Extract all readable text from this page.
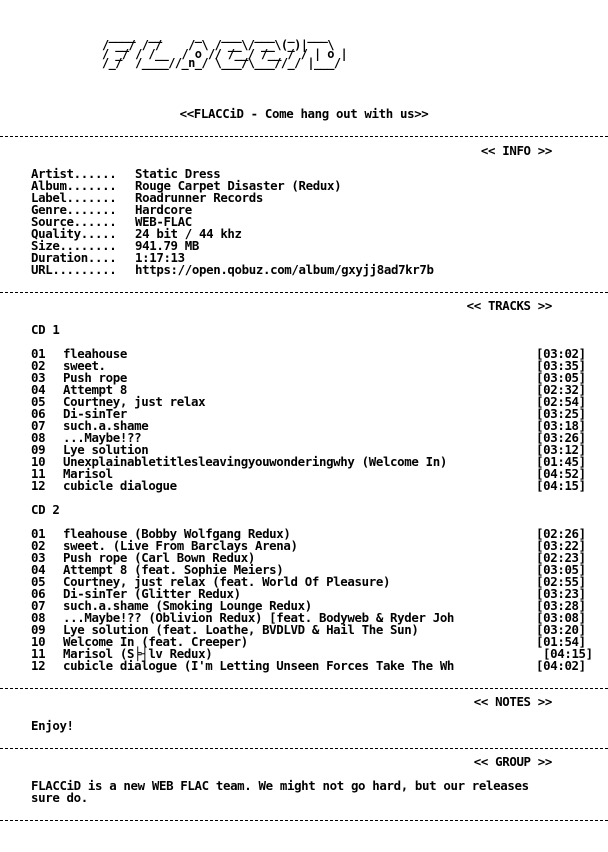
____  __     _   ___  ___  _  ___
/ __/ / /    / \ / __\/ __\(_)|   \
/ _/ / /__  / o // /__/ /__ / / | o |
/_/  /____//_n_/ \___/\___//_/ |___/
<<FLACCiD - Come hang out with us>>
<< INFO >>
Artist...... Static Dress
Album....... Rouge Carpet Disaster (Redux)
Label....... Roadrunner Records
Genre....... Hardcore
Source...... WEB-FLAC
Quality..... 24 bit / 44 khz
Size........ 941.79 MB
Duration.... 1:17:13
URL......... https://open.qobuz.com/album/gxyjj8ad7kr7b
<< TRACKS >>
CD 1
01 fleahouse	[03:02]
02 sweet.	[03:35]
03 Push rope	[03:05]
04 Attempt 8	[02:32]
05 Courtney, just relax	[02:54]
06 Di-sinTer	[03:25]
07 such.a.shame	[03:18]
08 ...Maybe!??	[03:26]
09 Lye solution	[03:12]
10 Unexplainabletitlesleavingyouwonderingwhy (Welcome In)	[01:45]
11 Marisol	[04:52]
12 cubicle dialogue	[04:15]
CD 2
01 fleahouse (Bobby Wolfgang Redux)	[02:26]
02 sweet. (Live From Barclays Arena)	[03:22]
03 Push rope (Carl Bown Redux)	[02:23]
04 Attempt 8 (feat. Sophie Meiers)	[03:05]
05 Courtney, just relax (feat. World Of Pleasure)	[02:55]
06 Di-sinTer (Glitter Redux)	[03:23]
07 such.a.shame (Smoking Lounge Redux)	[03:28]
08 ...Maybe!?? (Oblivion Redux) [feat. Bodyweb & Ryder Joh	[03:08]
09 Lye solution (feat. Loathe, BVDLVD & Hail The Sun)	[03:20]
10 Welcome In (feat. Creeper)	[01:54]
11 Marisol (S╞┤lv Redux)	[04:15]
12 cubicle dialogue (I'm Letting Unseen Forces Take The Wh	[04:02]
<< NOTES >>
Enjoy!
<< GROUP >>
FLACCiD is a new WEB FLAC team. We might not go hard, but our releases
sure do.
